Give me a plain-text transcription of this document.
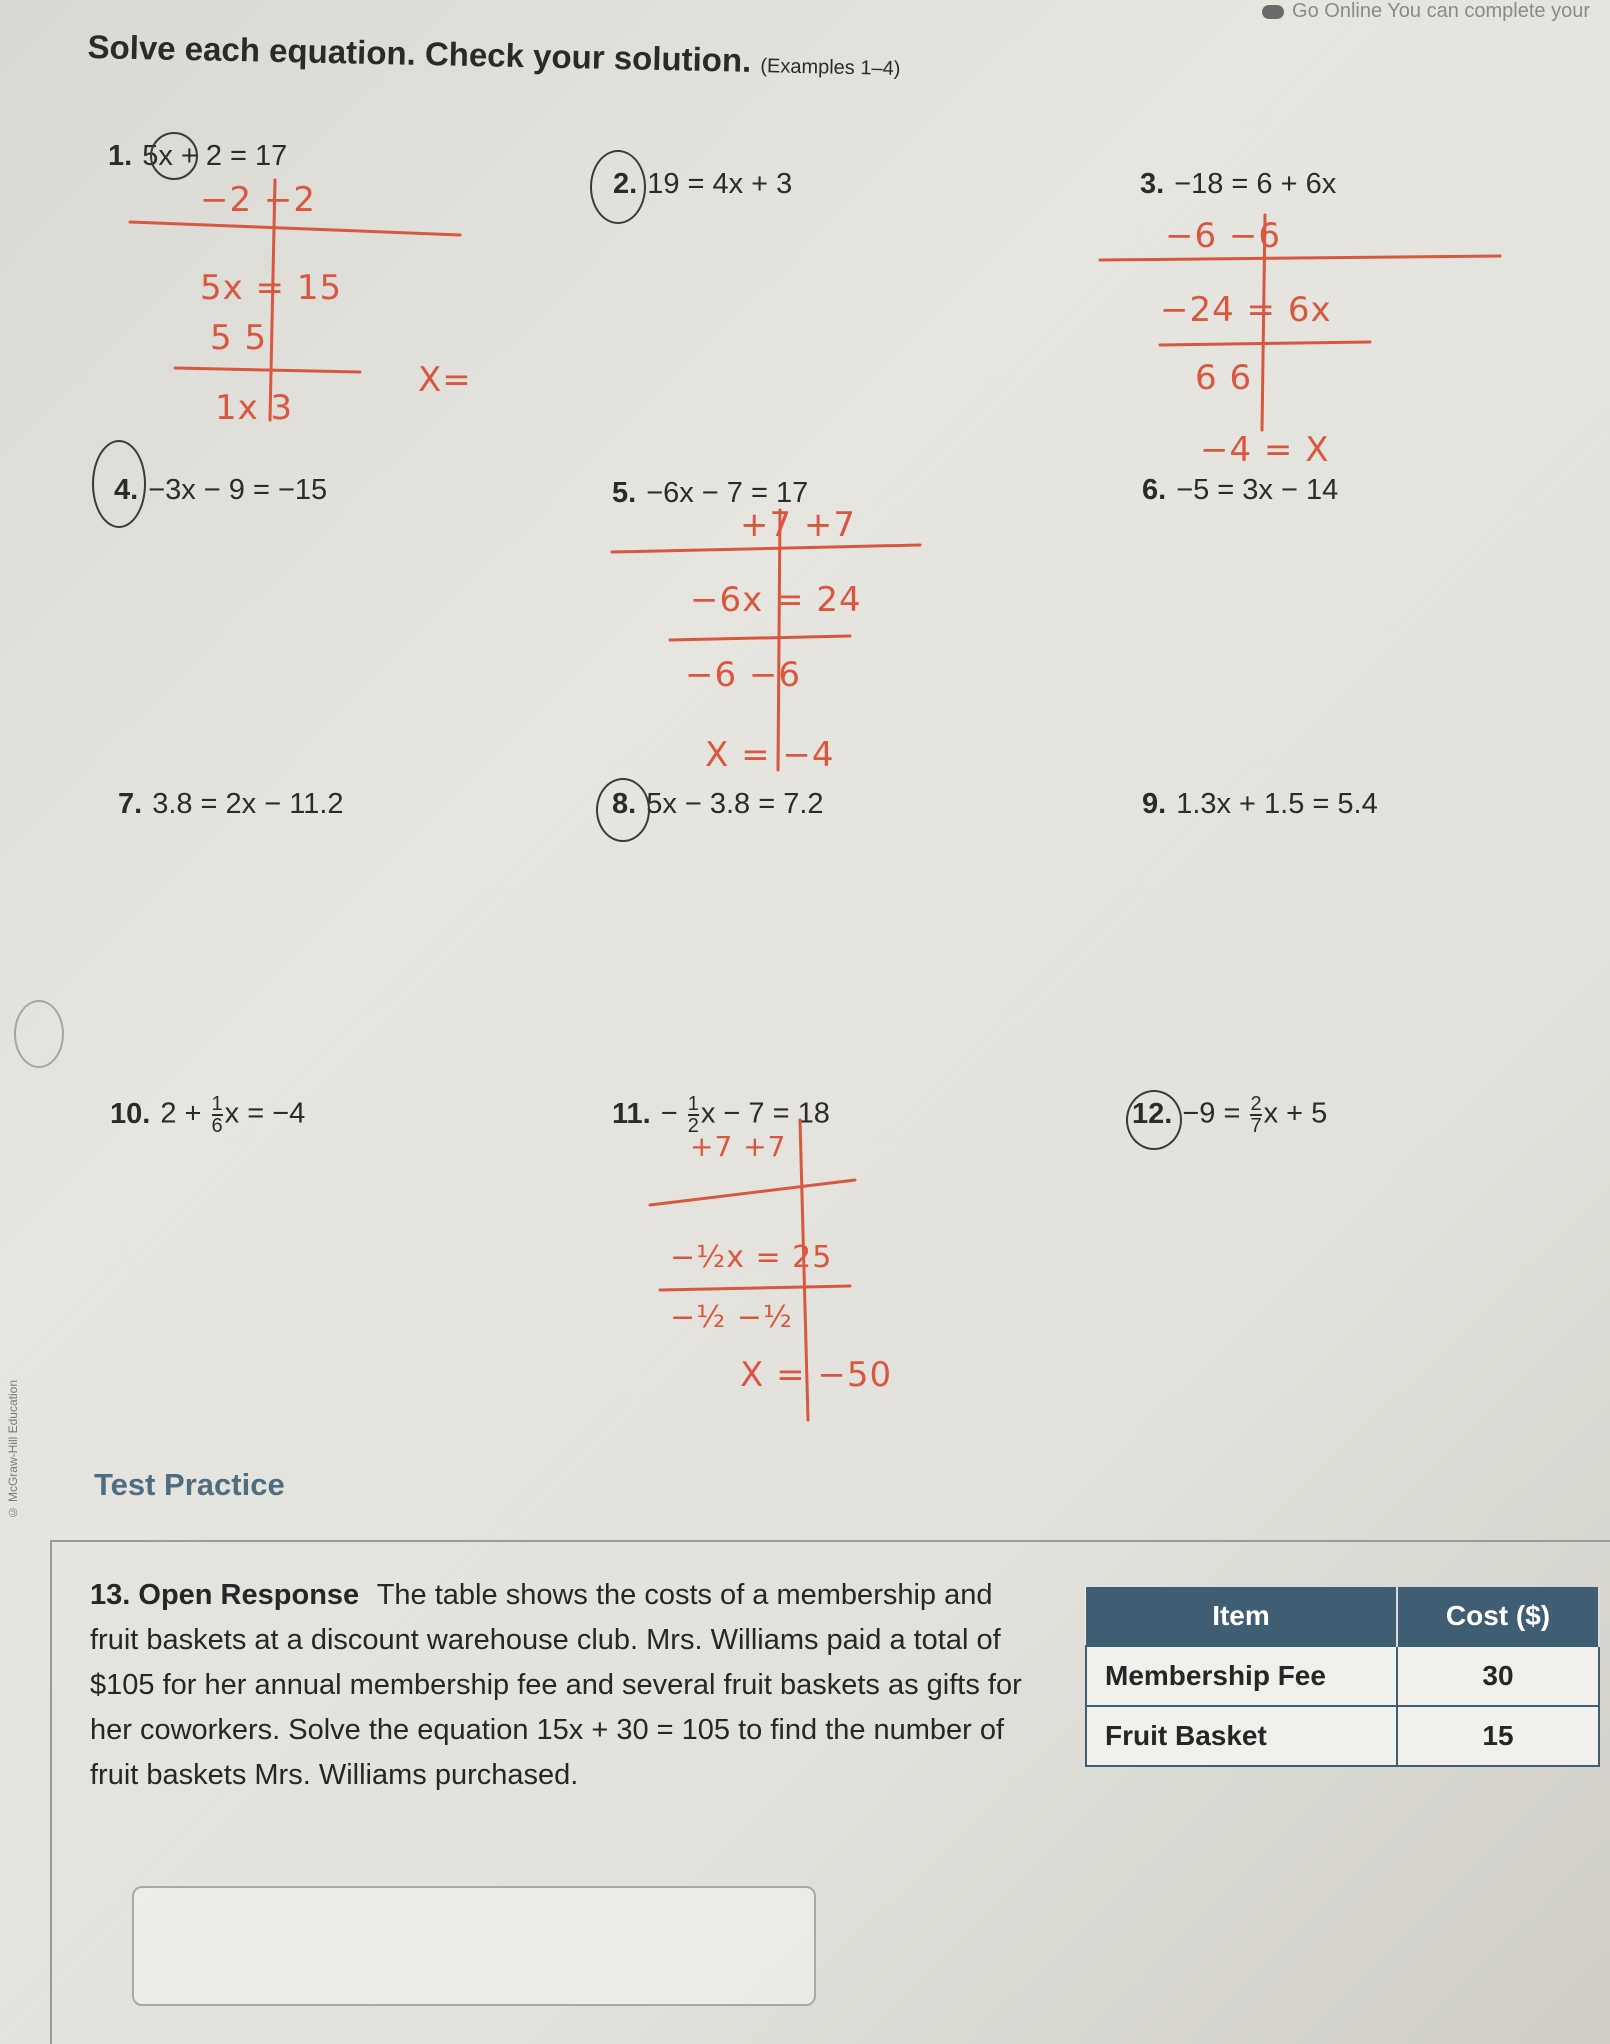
Go Online You can complete your
Solve each equation. Check your solution. (Examples 1–4)
1. 5x + 2 = 17
2. 19 = 4x + 3	3. −18 = 6 + 6x
4. −3x − 9 = −15	5. −6x − 7 = 17	6. −5 = 3x − 14
7. 3.8 = 2x − 11.2	8. 5x − 3.8 = 7.2	9. 1.3x + 1.5 = 5.4
10. $2 + \frac{1}{6}$ x = −4	11. − $\frac{1}{2}$ x − 7 = 18	12. $-9 = \frac{2}{7}$ x + 5
−2 −2
5x = 15
5 5
1x 3
X=
−6 −6
−24 = 6x
6 6
−4 = X
+7 +7
−6x = 24
−6 −6
X = −4
+7 +7
−½x = 25
−½ −½
X = −50
Test Practice
13. Open Response The table shows the costs of a membership and fruit baskets at a discount warehouse club. Mrs. Williams paid a total of $105 for her annual membership fee and several fruit baskets as gifts for her coworkers. Solve the equation 15x + 30 = 105 to find the number of fruit baskets Mrs. Williams purchased.
Item	Cost ($)
Membership Fee	30
Fruit Basket	15
© McGraw-Hill Education
